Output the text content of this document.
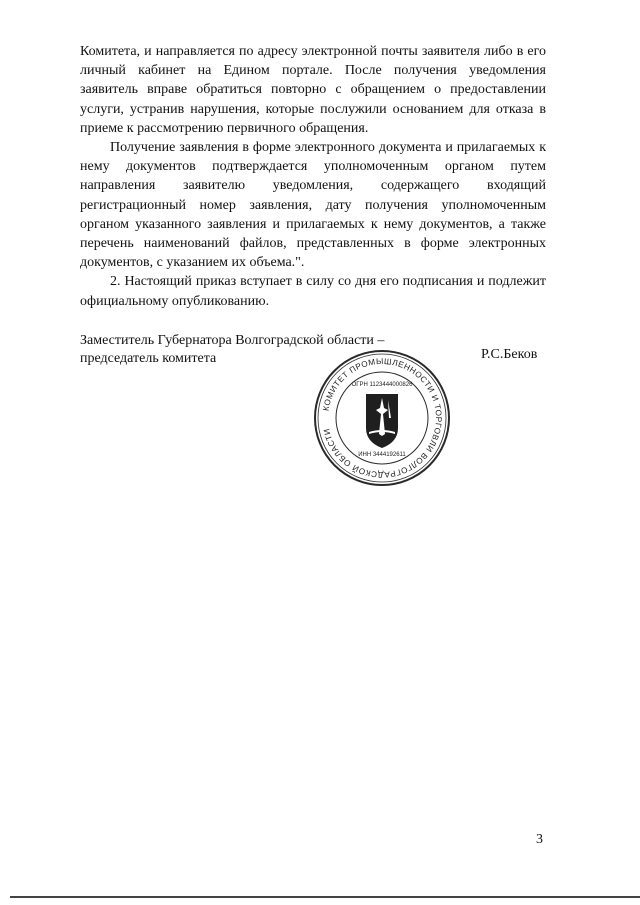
Комитета, и направляется по адресу электронной почты заявителя либо в его личный кабинет на Едином портале. После получения уведомления заявитель вправе обратиться повторно с обращением о предоставлении услуги, устранив нарушения, которые послужили основанием для отказа в приеме к рассмотрению первичного обращения.

Получение заявления в форме электронного документа и прилагаемых к нему документов подтверждается уполномоченным органом путем направления заявителю уведомления, содержащего входящий регистрационный номер заявления, дату получения уполномоченным органом указанного заявления и прилагаемых к нему документов, а также перечень наименований файлов, представленных в форме электронных документов, с указанием их объема.".

2. Настоящий приказ вступает в силу со дня его подписания и подлежит официальному опубликованию.

Заместитель Губернатора Волгоградской области –
председатель комитета	Р.С.Беков
КОМИТЕТ ПРОМЫШЛЕННОСТИ И ТОРГОВЛИ ВОЛГОГРАДСКОЙ ОБЛАСТИ
ОГРН 1123444000826
ИНН 3444192611
3
